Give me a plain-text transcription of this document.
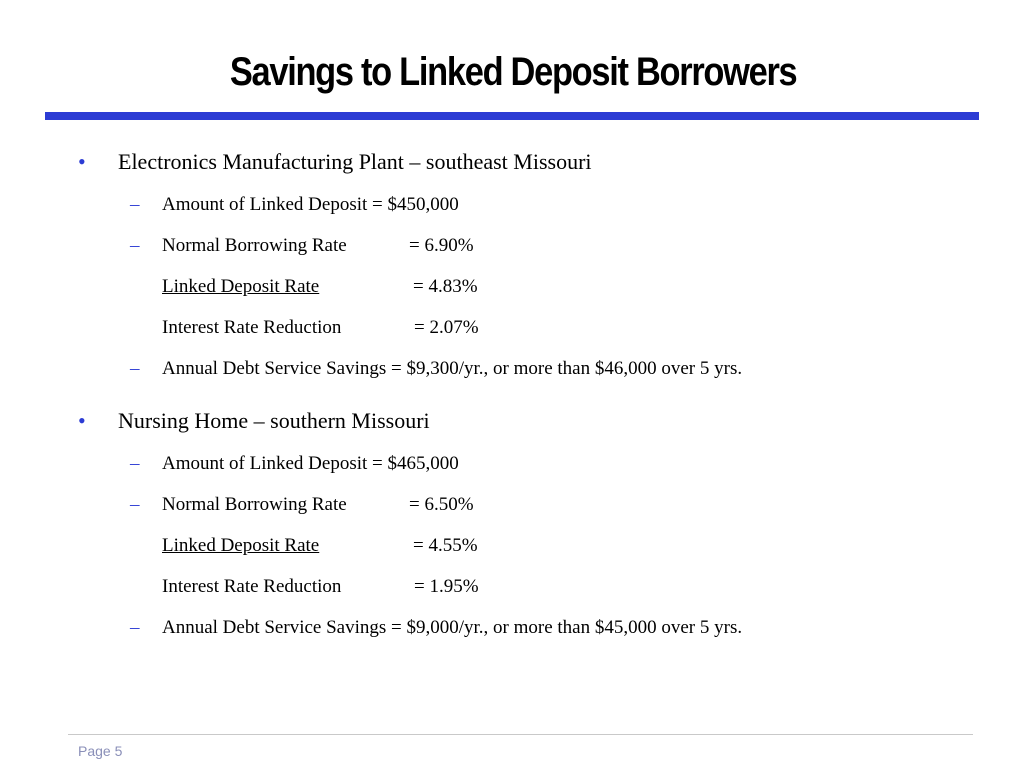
Savings to Linked Deposit Borrowers
• Electronics Manufacturing Plant – southeast Missouri
– Amount of Linked Deposit = $450,000
– Normal Borrowing Rate	= 6.90%
Linked Deposit Rate	= 4.83%
Interest Rate Reduction	= 2.07%
– Annual Debt Service Savings = $9,300/yr., or more than $46,000 over 5 yrs.
• Nursing Home – southern Missouri
– Amount of Linked Deposit = $465,000
– Normal Borrowing Rate	= 6.50%
Linked Deposit Rate	= 4.55%
Interest Rate Reduction	= 1.95%
– Annual Debt Service Savings = $9,000/yr., or more than $45,000 over 5 yrs.
Page 5
